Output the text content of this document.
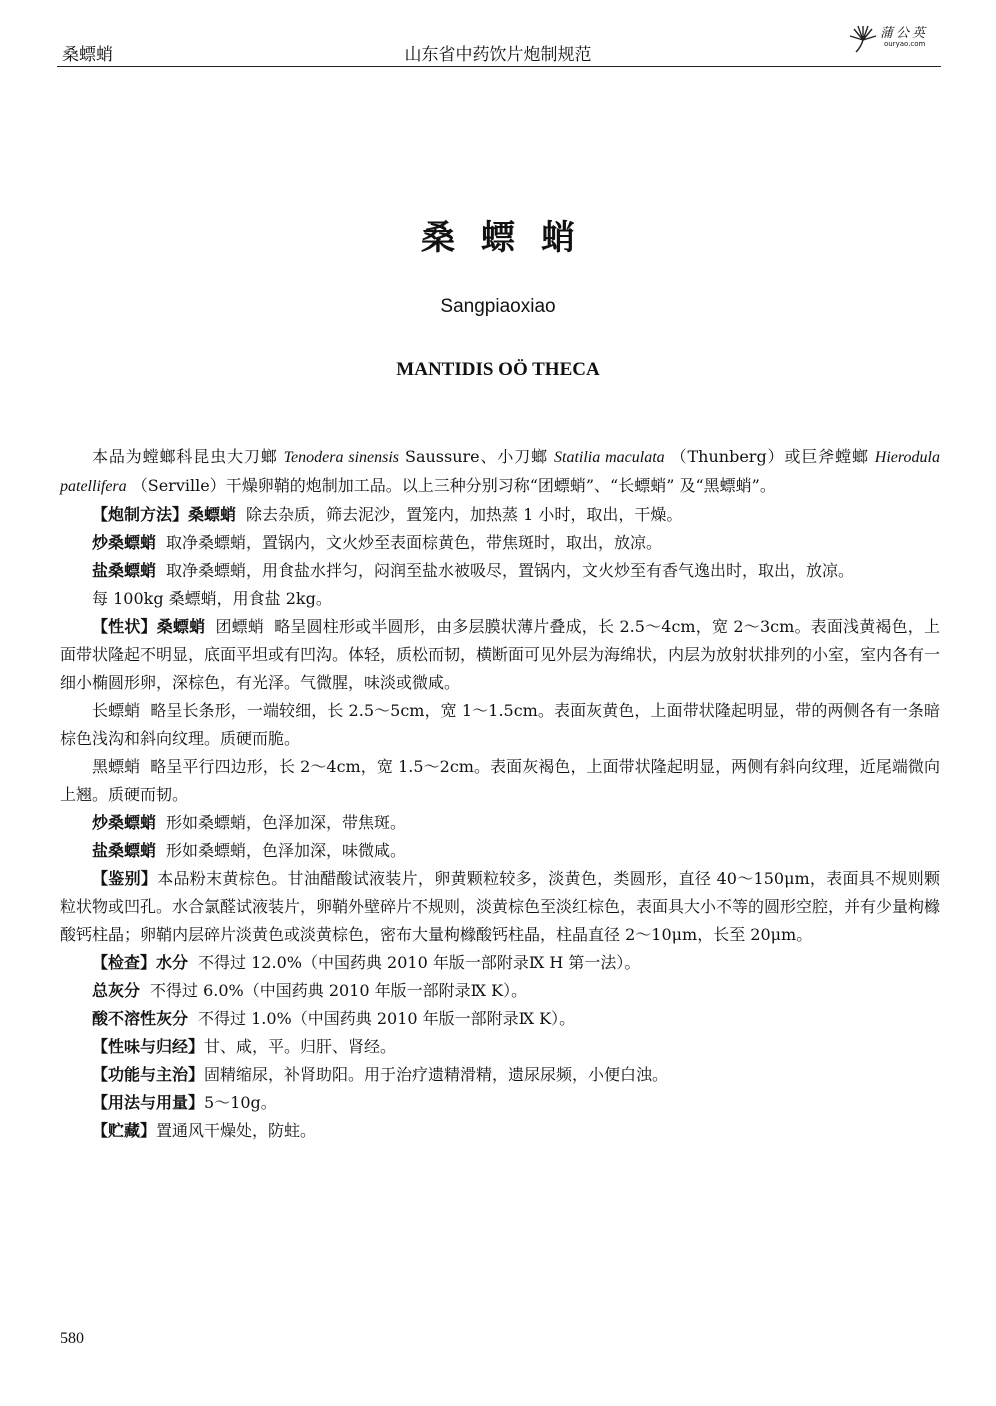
桑螵蛸	山东省中药饮片炮制规范
蒲公英
ouryao.com
桑螵蛸
Sangpiaoxiao
MANTIDIS OÖ THECA

本品为螳螂科昆虫大刀螂 Tenodera sinensis Saussure、小刀螂 Statilia maculata （Thunberg）或巨斧螳螂 Hierodula patellifera （Serville）干燥卵鞘的炮制加工品。以上三种分别习称“团螵蛸”、“长螵蛸” 及“黑螵蛸”。

【炮制方法】桑螵蛸 除去杂质，筛去泥沙，置笼内，加热蒸 1 小时，取出，干燥。

炒桑螵蛸 取净桑螵蛸，置锅内，文火炒至表面棕黄色，带焦斑时，取出，放凉。

盐桑螵蛸 取净桑螵蛸，用食盐水拌匀，闷润至盐水被吸尽，置锅内，文火炒至有香气逸出时，取出，放凉。

每 100kg 桑螵蛸，用食盐 2kg。

【性状】桑螵蛸 团螵蛸 略呈圆柱形或半圆形，由多层膜状薄片叠成，长 2.5～4cm，宽 2～3cm。表面浅黄褐色，上面带状隆起不明显，底面平坦或有凹沟。体轻，质松而韧，横断面可见外层为海绵状，内层为放射状排列的小室，室内各有一细小椭圆形卵，深棕色，有光泽。气微腥，味淡或微咸。

长螵蛸 略呈长条形，一端较细，长 2.5～5cm，宽 1～1.5cm。表面灰黄色，上面带状隆起明显，带的两侧各有一条暗棕色浅沟和斜向纹理。质硬而脆。

黑螵蛸 略呈平行四边形，长 2～4cm，宽 1.5～2cm。表面灰褐色，上面带状隆起明显，两侧有斜向纹理，近尾端微向上翘。质硬而韧。

炒桑螵蛸 形如桑螵蛸，色泽加深，带焦斑。

盐桑螵蛸 形如桑螵蛸，色泽加深，味微咸。

【鉴别】本品粉末黄棕色。甘油醋酸试液装片，卵黄颗粒较多，淡黄色，类圆形，直径 40～150μm，表面具不规则颗粒状物或凹孔。水合氯醛试液装片，卵鞘外壁碎片不规则，淡黄棕色至淡红棕色，表面具大小不等的圆形空腔，并有少量枸橼酸钙柱晶；卵鞘内层碎片淡黄色或淡黄棕色，密布大量枸橼酸钙柱晶，柱晶直径 2～10μm，长至 20μm。

【检查】水分 不得过 12.0%（中国药典 2010 年版一部附录Ⅸ H 第一法）。

总灰分 不得过 6.0%（中国药典 2010 年版一部附录Ⅸ K）。

酸不溶性灰分 不得过 1.0%（中国药典 2010 年版一部附录Ⅸ K）。

【性味与归经】甘、咸，平。归肝、肾经。

【功能与主治】固精缩尿，补肾助阳。用于治疗遗精滑精，遗尿尿频，小便白浊。

【用法与用量】5～10g。

【贮藏】置通风干燥处，防蛀。

580
